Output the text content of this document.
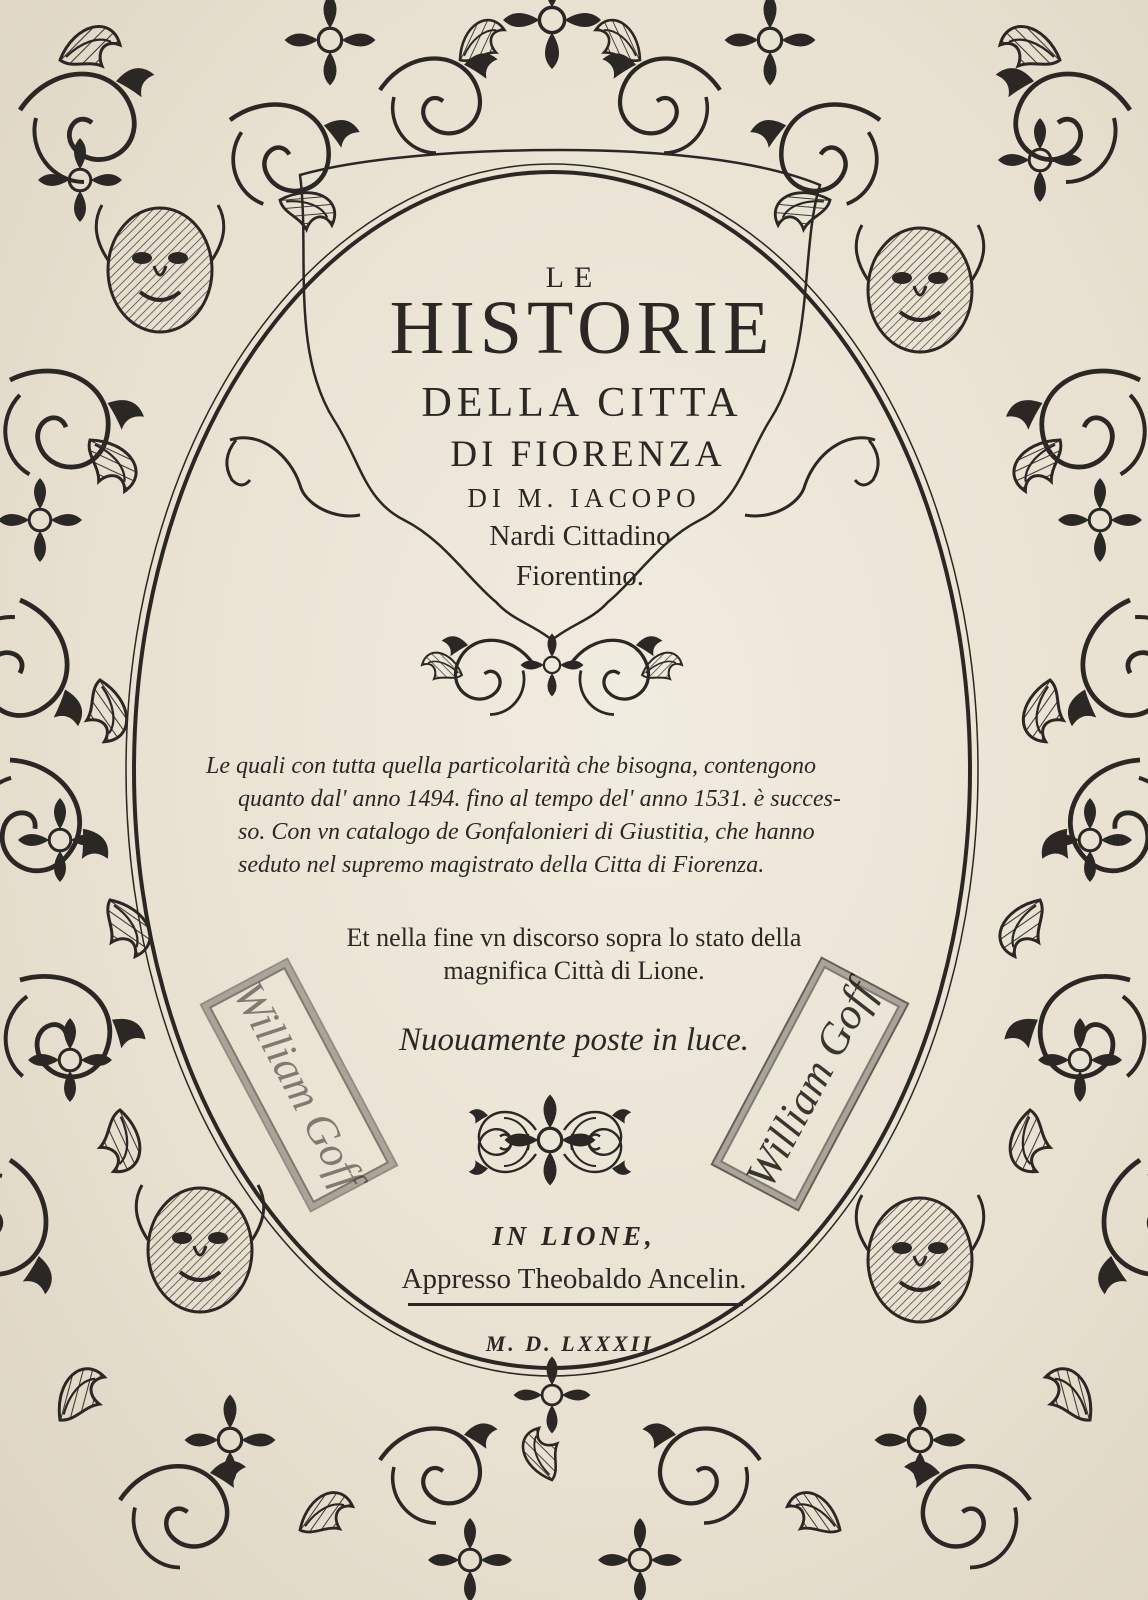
LE
HISTORIE
DELLA CITTA
DI FIORENZA
DI M. IACOPO
Nardi Cittadino
Fiorentino.
Le quali con tutta quella particolarità che bisogna, contengono
quanto dal' anno 1494. fino al tempo del' anno 1531. è succes-
so. Con vn catalogo de Gonfalonieri di Giustitia, che hanno
seduto nel supremo magistrato della Citta di Fiorenza.
Et nella fine vn discorso sopra lo stato della
magnifica Città di Lione.
Nuouamente poste in luce.
IN LIONE,
Appresso Theobaldo Ancelin.
M. D. LXXXII.
William Goff	William Goff
